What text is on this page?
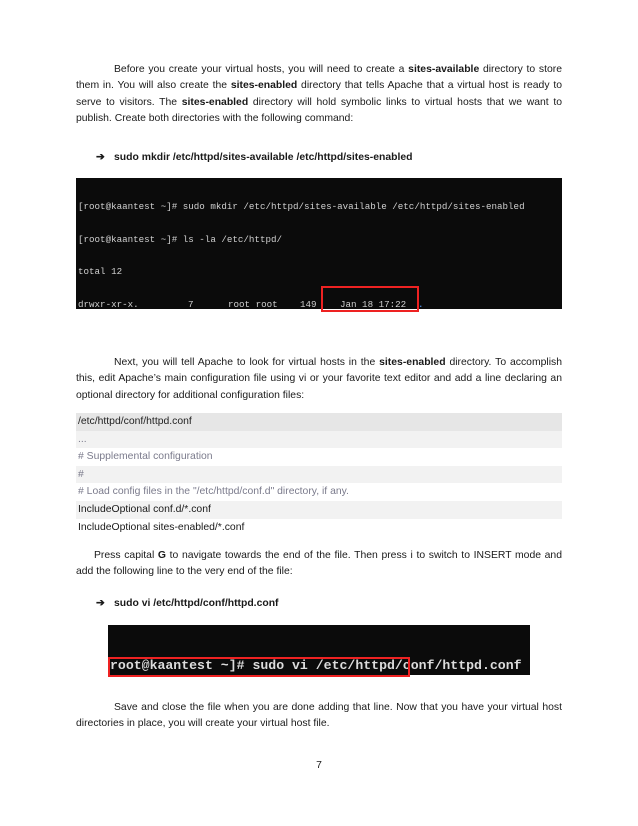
Before you create your virtual hosts, you will need to create a sites-available directory to store them in. You will also create the sites-enabled directory that tells Apache that a virtual host is ready to serve to visitors. The sites-enabled directory will hold symbolic links to virtual hosts that we want to publish. Create both directories with the following command:

➔ sudo mkdir /etc/httpd/sites-available /etc/httpd/sites-enabled

[root@kaantest ~]# sudo mkdir /etc/httpd/sites-available /etc/httpd/sites-enabled

[root@kaantest ~]# ls -la /etc/httpd/

total 12

drwxr-xr-x.	7	root root 149	Jan 18 17:22 .

Next, you will tell Apache to look for virtual hosts in the sites-enabled directory. To accomplish this, edit Apache’s main configuration file using vi or your favorite text editor and add a line declaring an optional directory for additional configuration files:

/etc/httpd/conf/httpd.conf
...
# Supplemental configuration
#
# Load config files in the "/etc/httpd/conf.d" directory, if any.
IncludeOptional conf.d/*.conf
IncludeOptional sites-enabled/*.conf

Press capital G to navigate towards the end of the file. Then press i to switch to INSERT mode and add the following line to the very end of the file:

➔ sudo vi /etc/httpd/conf/httpd.conf

root@kaantest ~]# sudo vi /etc/httpd/conf/httpd.conf

Save and close the file when you are done adding that line. Now that you have your virtual host directories in place, you will create your virtual host file.

7
